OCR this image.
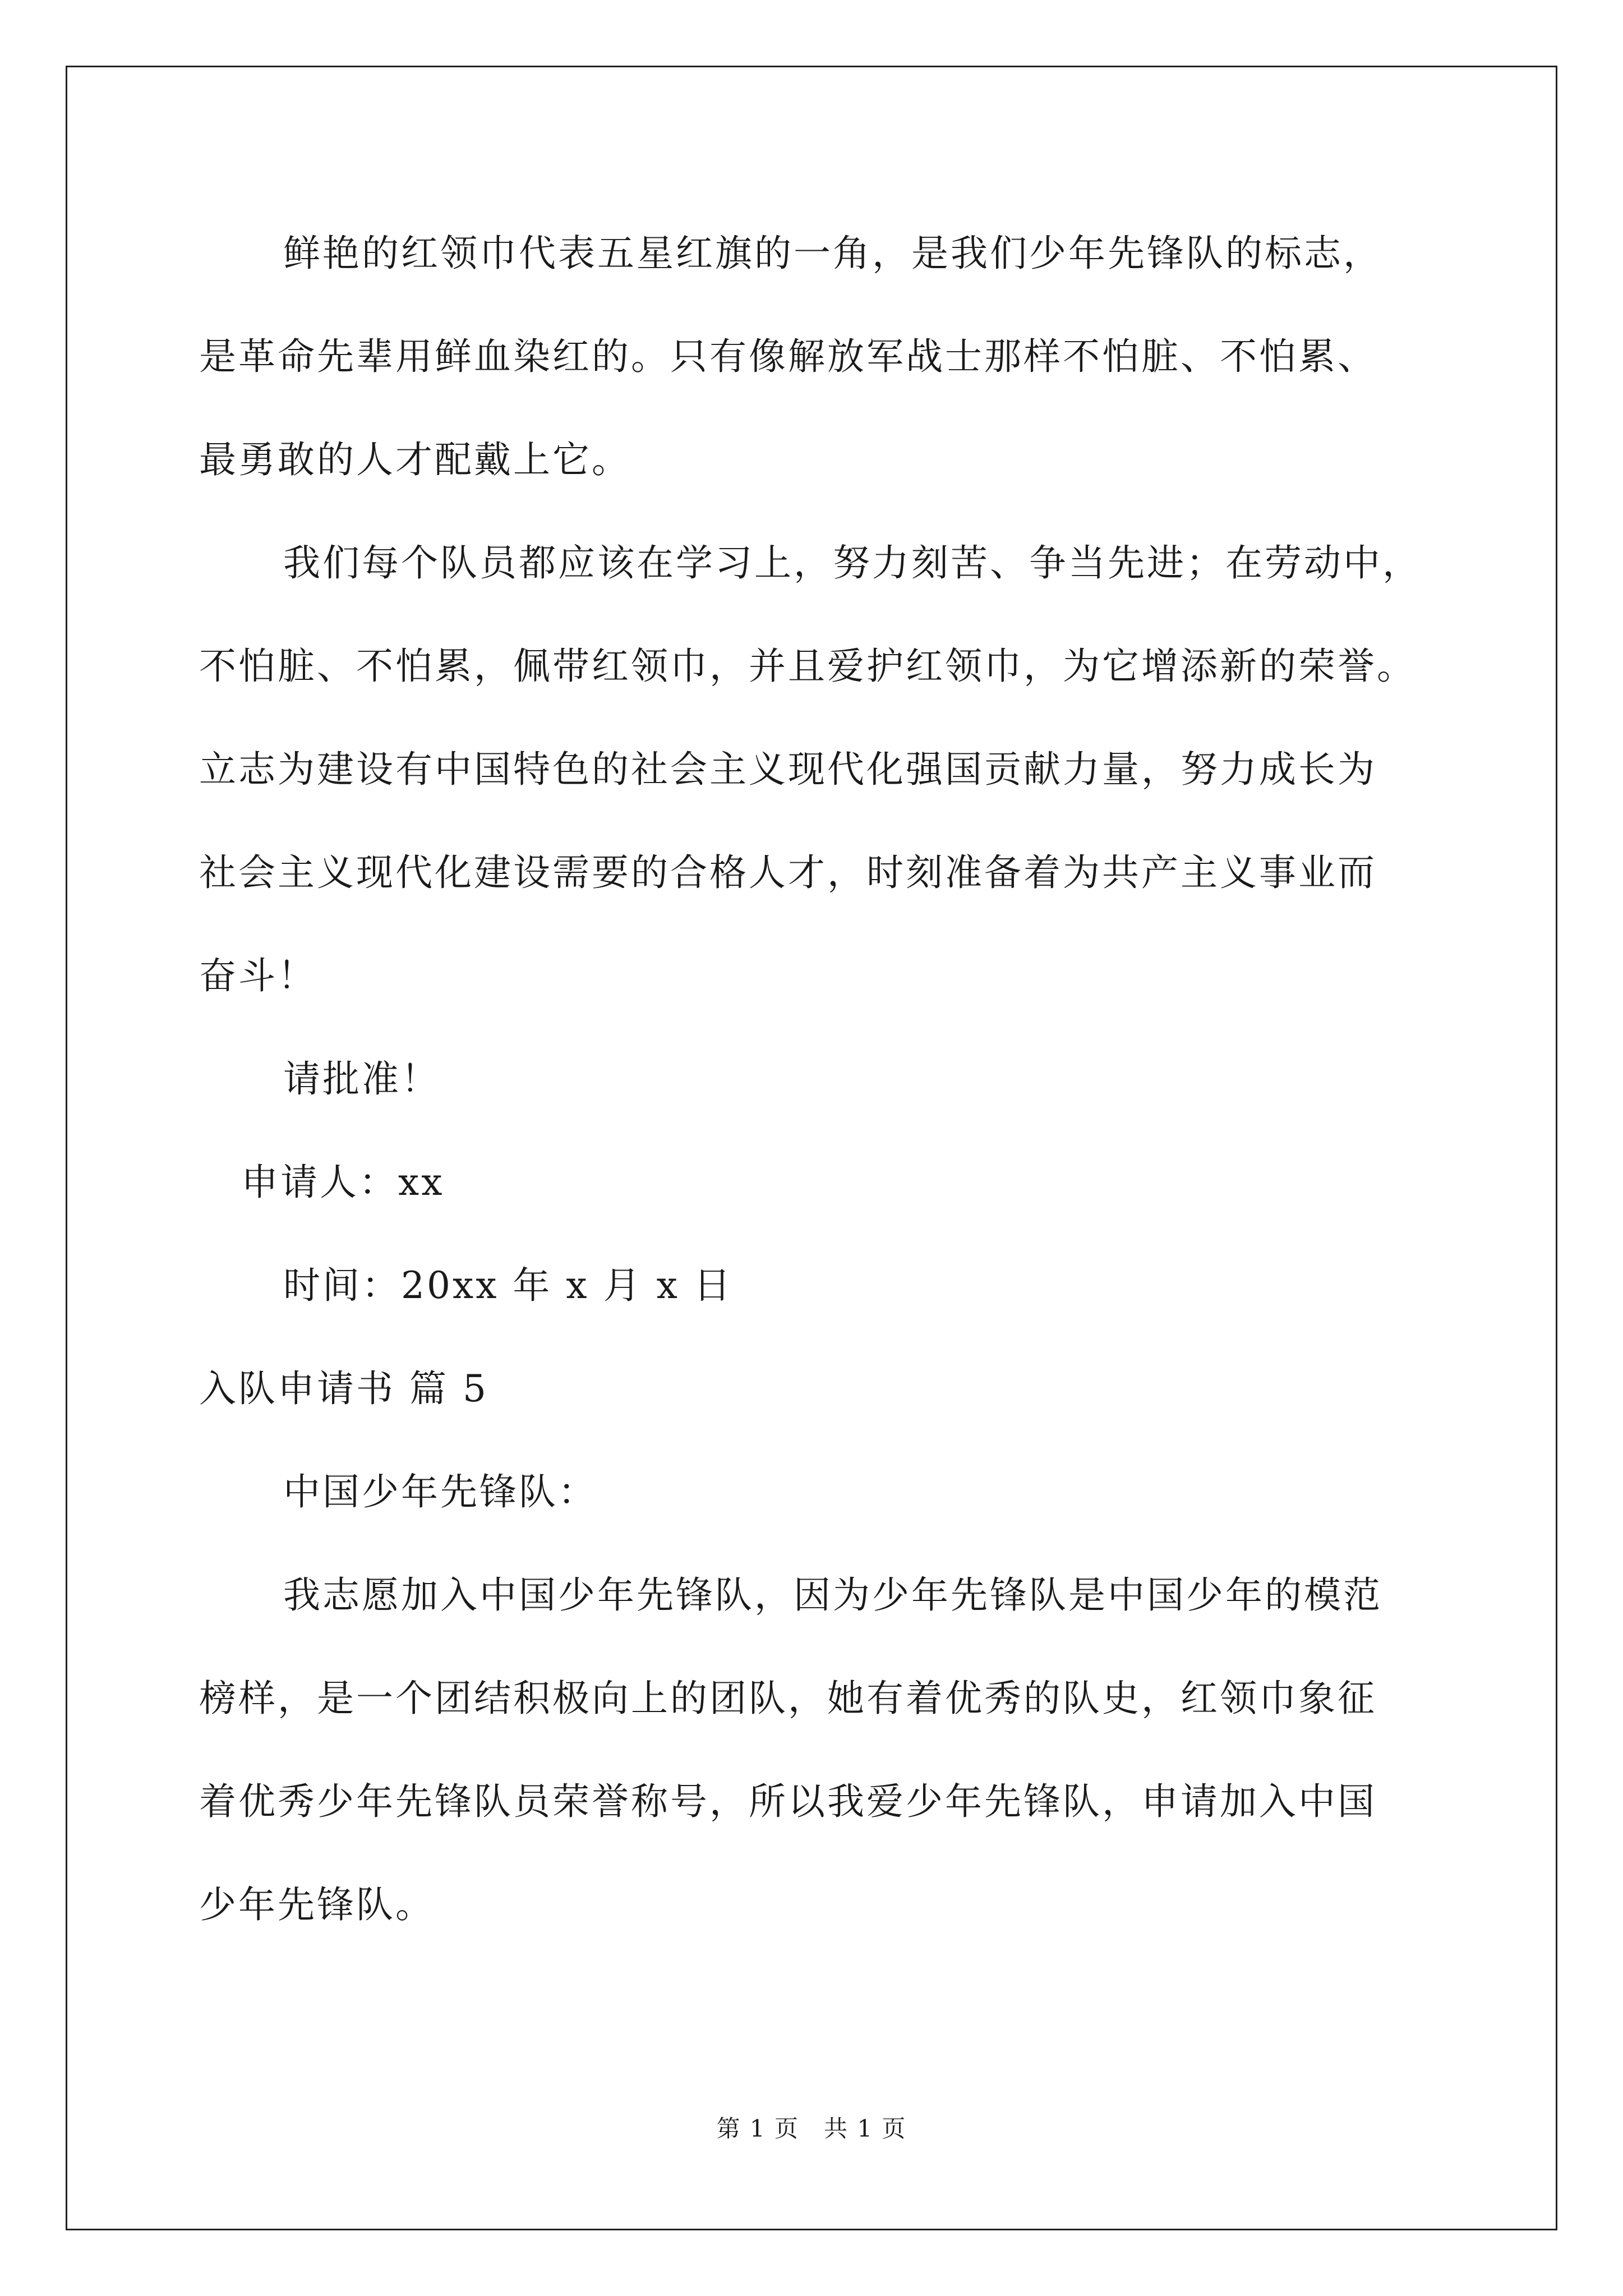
鲜艳的红领巾代表五星红旗的一角，是我们少年先锋队的标志，
是革命先辈用鲜血染红的。只有像解放军战士那样不怕脏、不怕累、
最勇敢的人才配戴上它。
我们每个队员都应该在学习上，努力刻苦、争当先进；在劳动中，
不怕脏、不怕累，佩带红领巾，并且爱护红领巾，为它增添新的荣誉。
立志为建设有中国特色的社会主义现代化强国贡献力量，努力成长为
社会主义现代化建设需要的合格人才，时刻准备着为共产主义事业而
奋斗！
请批准！
申请人：xx
时间：20xx 年 x 月 x 日
入队申请书 篇 5
中国少年先锋队：
我志愿加入中国少年先锋队，因为少年先锋队是中国少年的模范
榜样，是一个团结积极向上的团队，她有着优秀的队史，红领巾象征
着优秀少年先锋队员荣誉称号，所以我爱少年先锋队，申请加入中国
少年先锋队。
第 1 页　共 1 页
